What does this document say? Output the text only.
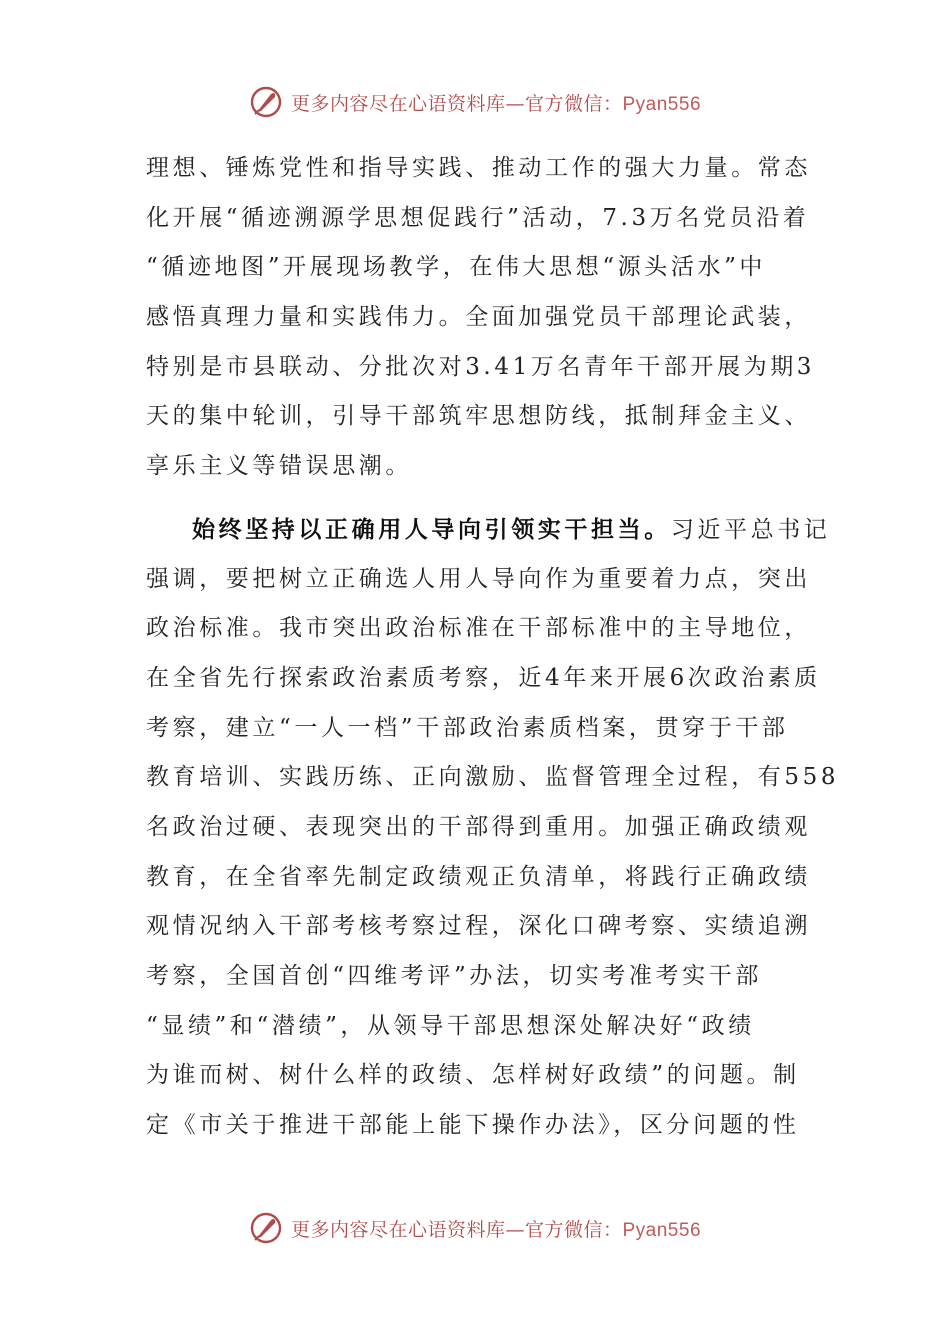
更多内容尽在心语资料库—官方微信：Pyan556
理想、锤炼党性和指导实践、推动工作的强大力量。常态
化开展“循迹溯源学思想促践行”活动，7.3万名党员沿着
“循迹地图”开展现场教学，在伟大思想“源头活水”中
感悟真理力量和实践伟力。全面加强党员干部理论武装，
特别是市县联动、分批次对3.41万名青年干部开展为期3
天的集中轮训，引导干部筑牢思想防线，抵制拜金主义、
享乐主义等错误思潮。
始终坚持以正确用人导向引领实干担当。习近平总书记
强调，要把树立正确选人用人导向作为重要着力点，突出
政治标准。我市突出政治标准在干部标准中的主导地位，
在全省先行探索政治素质考察，近4年来开展6次政治素质
考察，建立“一人一档”干部政治素质档案，贯穿于干部
教育培训、实践历练、正向激励、监督管理全过程，有558
名政治过硬、表现突出的干部得到重用。加强正确政绩观
教育，在全省率先制定政绩观正负清单，将践行正确政绩
观情况纳入干部考核考察过程，深化口碑考察、实绩追溯
考察，全国首创“四维考评”办法，切实考准考实干部
“显绩”和“潜绩”，从领导干部思想深处解决好“政绩
为谁而树、树什么样的政绩、怎样树好政绩”的问题。制
定《市关于推进干部能上能下操作办法》，区分问题的性
更多内容尽在心语资料库—官方微信：Pyan556
